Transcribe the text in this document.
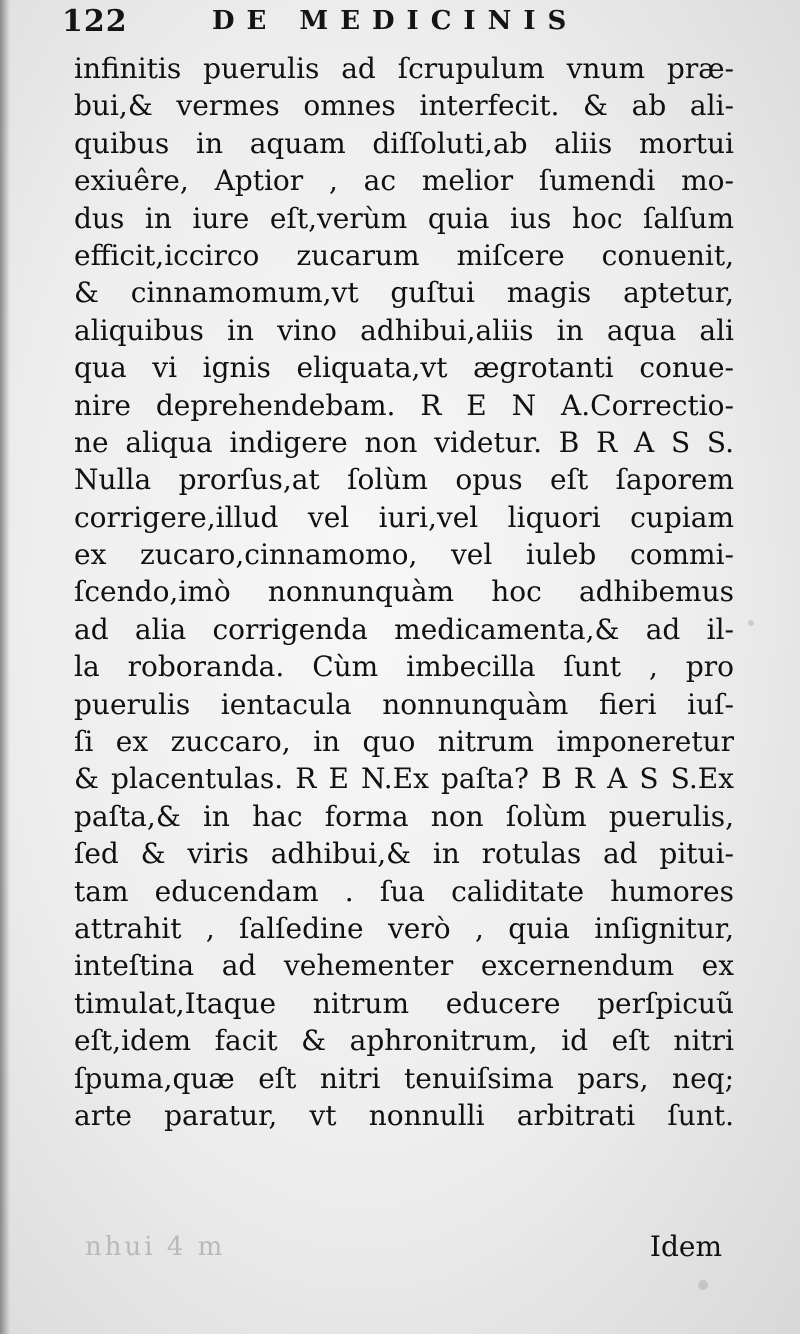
122	DE MEDICINIS
infinitis puerulis ad ſcrupulum vnum præ-
bui,& vermes omnes interfecit. & ab ali-
quibus in aquam diſſoluti,ab aliis mortui
exiuêre, Aptior , ac melior ſumendi mo-
dus in iure eſt,verùm quia ius hoc ſalſum
efficit,iccirco zucarum miſcere conuenit,
& cinnamomum,vt guſtui magis aptetur,
aliquibus in vino adhibui,aliis in aqua ali
qua vi ignis eliquata,vt ægrotanti conue-
nire deprehendebam. R E N A.Correctio-
ne aliqua indigere non videtur. B R A S S.
Nulla prorſus,at ſolùm opus eſt ſaporem
corrigere,illud vel iuri,vel liquori cupiam
ex zucaro,cinnamomo, vel iuleb commi-
ſcendo,imò nonnunquàm hoc adhibemus
ad alia corrigenda medicamenta,& ad il-
la roboranda. Cùm imbecilla ſunt , pro
puerulis ientacula nonnunquàm fieri iuſ-
ſi ex zuccaro, in quo nitrum imponeretur
& placentulas. R E N.Ex paſta? B R A S S.Ex
paſta,& in hac forma non ſolùm puerulis,
ſed & viris adhibui,& in rotulas ad pitui-
tam educendam . ſua caliditate humores
attrahit , ſalſedine verò , quia inſignitur,
inteſtina ad vehementer excernendum ex
timulat,Itaque nitrum educere perſpicuũ
eſt,idem facit & aphronitrum, id eſt nitri
ſpuma,quæ eſt nitri tenuiſsima pars, neq;
arte paratur, vt nonnulli arbitrati ſunt.
nhui 4 m	Idem
